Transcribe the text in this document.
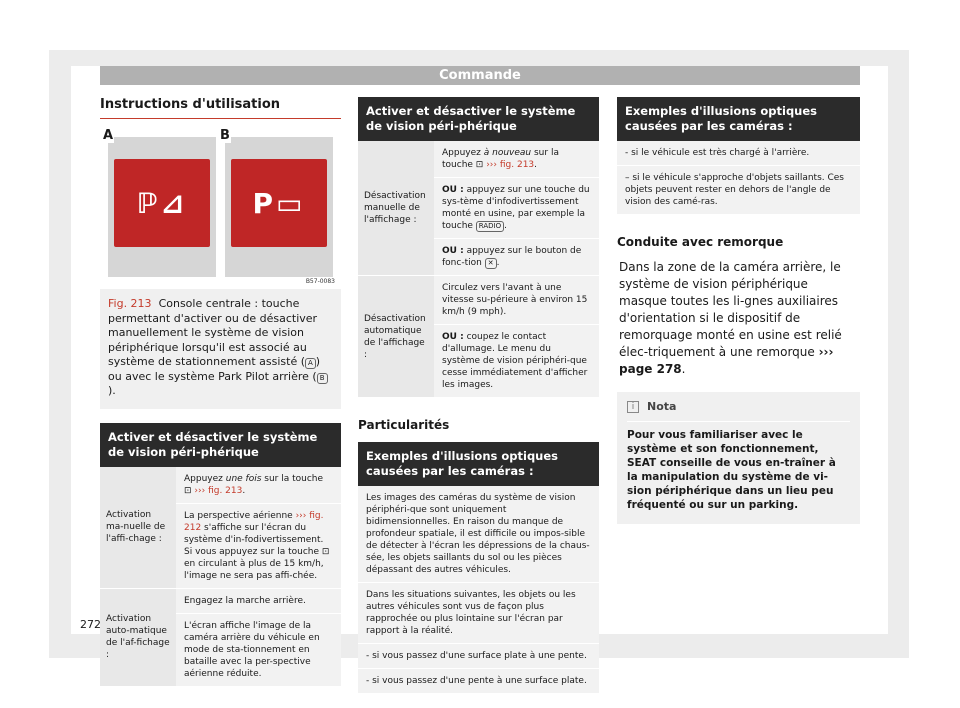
Commande
Instructions d'utilisation
A
ℙ⊿
B
P▭
B57-0083
Fig. 213 Console centrale : touche permettant d'activer ou de désactiver manuellement le système de vision périphérique lorsqu'il est associé au système de stationnement assisté ( A ) ou avec le système Park Pilot arrière ( B).
Activer et désactiver le système de vision péri-phérique
Activation ma-nuelle de l'affi-chage :
Appuyez une fois sur la touche ⊡ ››› fig. 213.
La perspective aérienne ››› fig. 212 s'affiche sur l'écran du système d'in-fodivertissement. Si vous appuyez sur la touche ⊡ en circulant à plus de 15 km/h, l'image ne sera pas affi-chée.
Activation auto-matique de l'af-fichage :
Engagez la marche arrière.
L'écran affiche l'image de la caméra arrière du véhicule en mode de sta-tionnement en bataille avec la per-spective aérienne réduite.
Activer et désactiver le système de vision péri-phérique
Désactivation manuelle de l'affichage :
Appuyez à nouveau sur la touche ⊡ ››› fig. 213.
OU : appuyez sur une touche du sys-tème d'infodivertissement monté en usine, par exemple la touche RADIO .
OU : appuyez sur le bouton de fonc-tion ✕ .
Désactivation automatique de l'affichage :
Circulez vers l'avant à une vitesse su-périeure à environ 15 km/h (9 mph).
OU : coupez le contact d'allumage. Le menu du système de vision périphéri-que cesse immédiatement d'afficher les images.
Particularités
Exemples d'illusions optiques causées par les caméras :
Les images des caméras du système de vision périphéri-que sont uniquement bidimensionnelles. En raison du manque de profondeur spatiale, il est difficile ou impos-sible de détecter à l'écran les dépressions de la chaus-sée, les objets saillants du sol ou les pièces dépassant des autres véhicules.
Dans les situations suivantes, les objets ou les autres véhicules sont vus de façon plus rapprochée ou plus lointaine sur l'écran par rapport à la réalité.
- si vous passez d'une surface plate à une pente.
- si vous passez d'une pente à une surface plate.
Exemples d'illusions optiques causées par les caméras :
- si le véhicule est très chargé à l'arrière.
– si le véhicule s'approche d'objets saillants. Ces objets peuvent rester en dehors de l'angle de vision des camé-ras.
Conduite avec remorque
Dans la zone de la caméra arrière, le système de vision périphérique masque toutes les li-gnes auxiliaires d'orientation si le dispositif de remorquage monté en usine est relié élec-triquement à une remorque ››› page 278.
i	Nota
Pour vous familiariser avec le système et son fonctionnement, SEAT conseille de vous en-traîner à la manipulation du système de vi-sion périphérique dans un lieu peu fréquenté ou sur un parking.
272
